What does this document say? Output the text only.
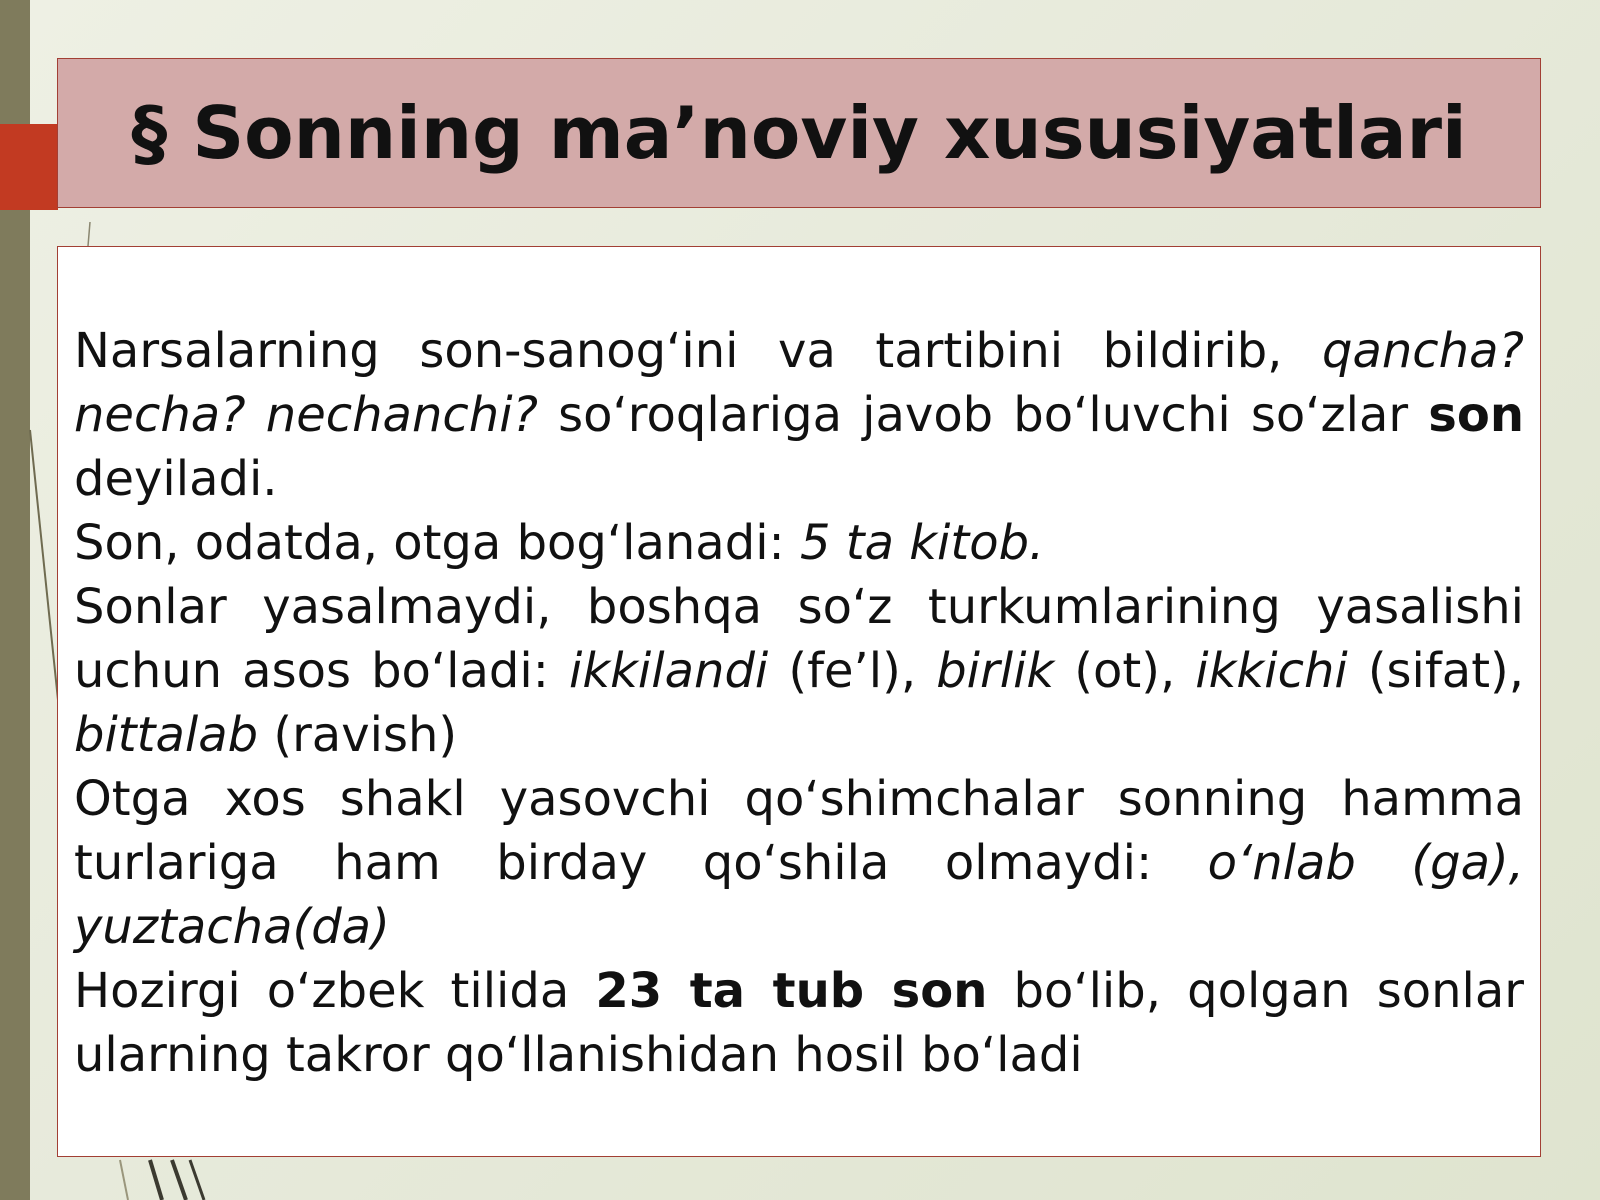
§ Sonning ma’noviy xususiyatlari

Narsalarning son-sanog‘ini va tartibini bildirib, qancha? necha? nechanchi? so‘roqlariga javob bo‘luvchi so‘zlar son deyiladi.

Son, odatda, otga bog‘lanadi: 5 ta kitob.

Sonlar yasalmaydi, boshqa so‘z turkumlarining yasalishi uchun asos bo‘ladi: ikkilandi (fe’l), birlik (ot), ikkichi (sifat), bittalab (ravish)

Otga xos shakl yasovchi qo‘shimchalar sonning hamma turlariga ham birday qo‘shila olmaydi: o‘nlab (ga), yuztacha(da)

Hozirgi o‘zbek tilida 23 ta tub son bo‘lib, qolgan sonlar ularning takror qo‘llanishidan hosil bo‘ladi
